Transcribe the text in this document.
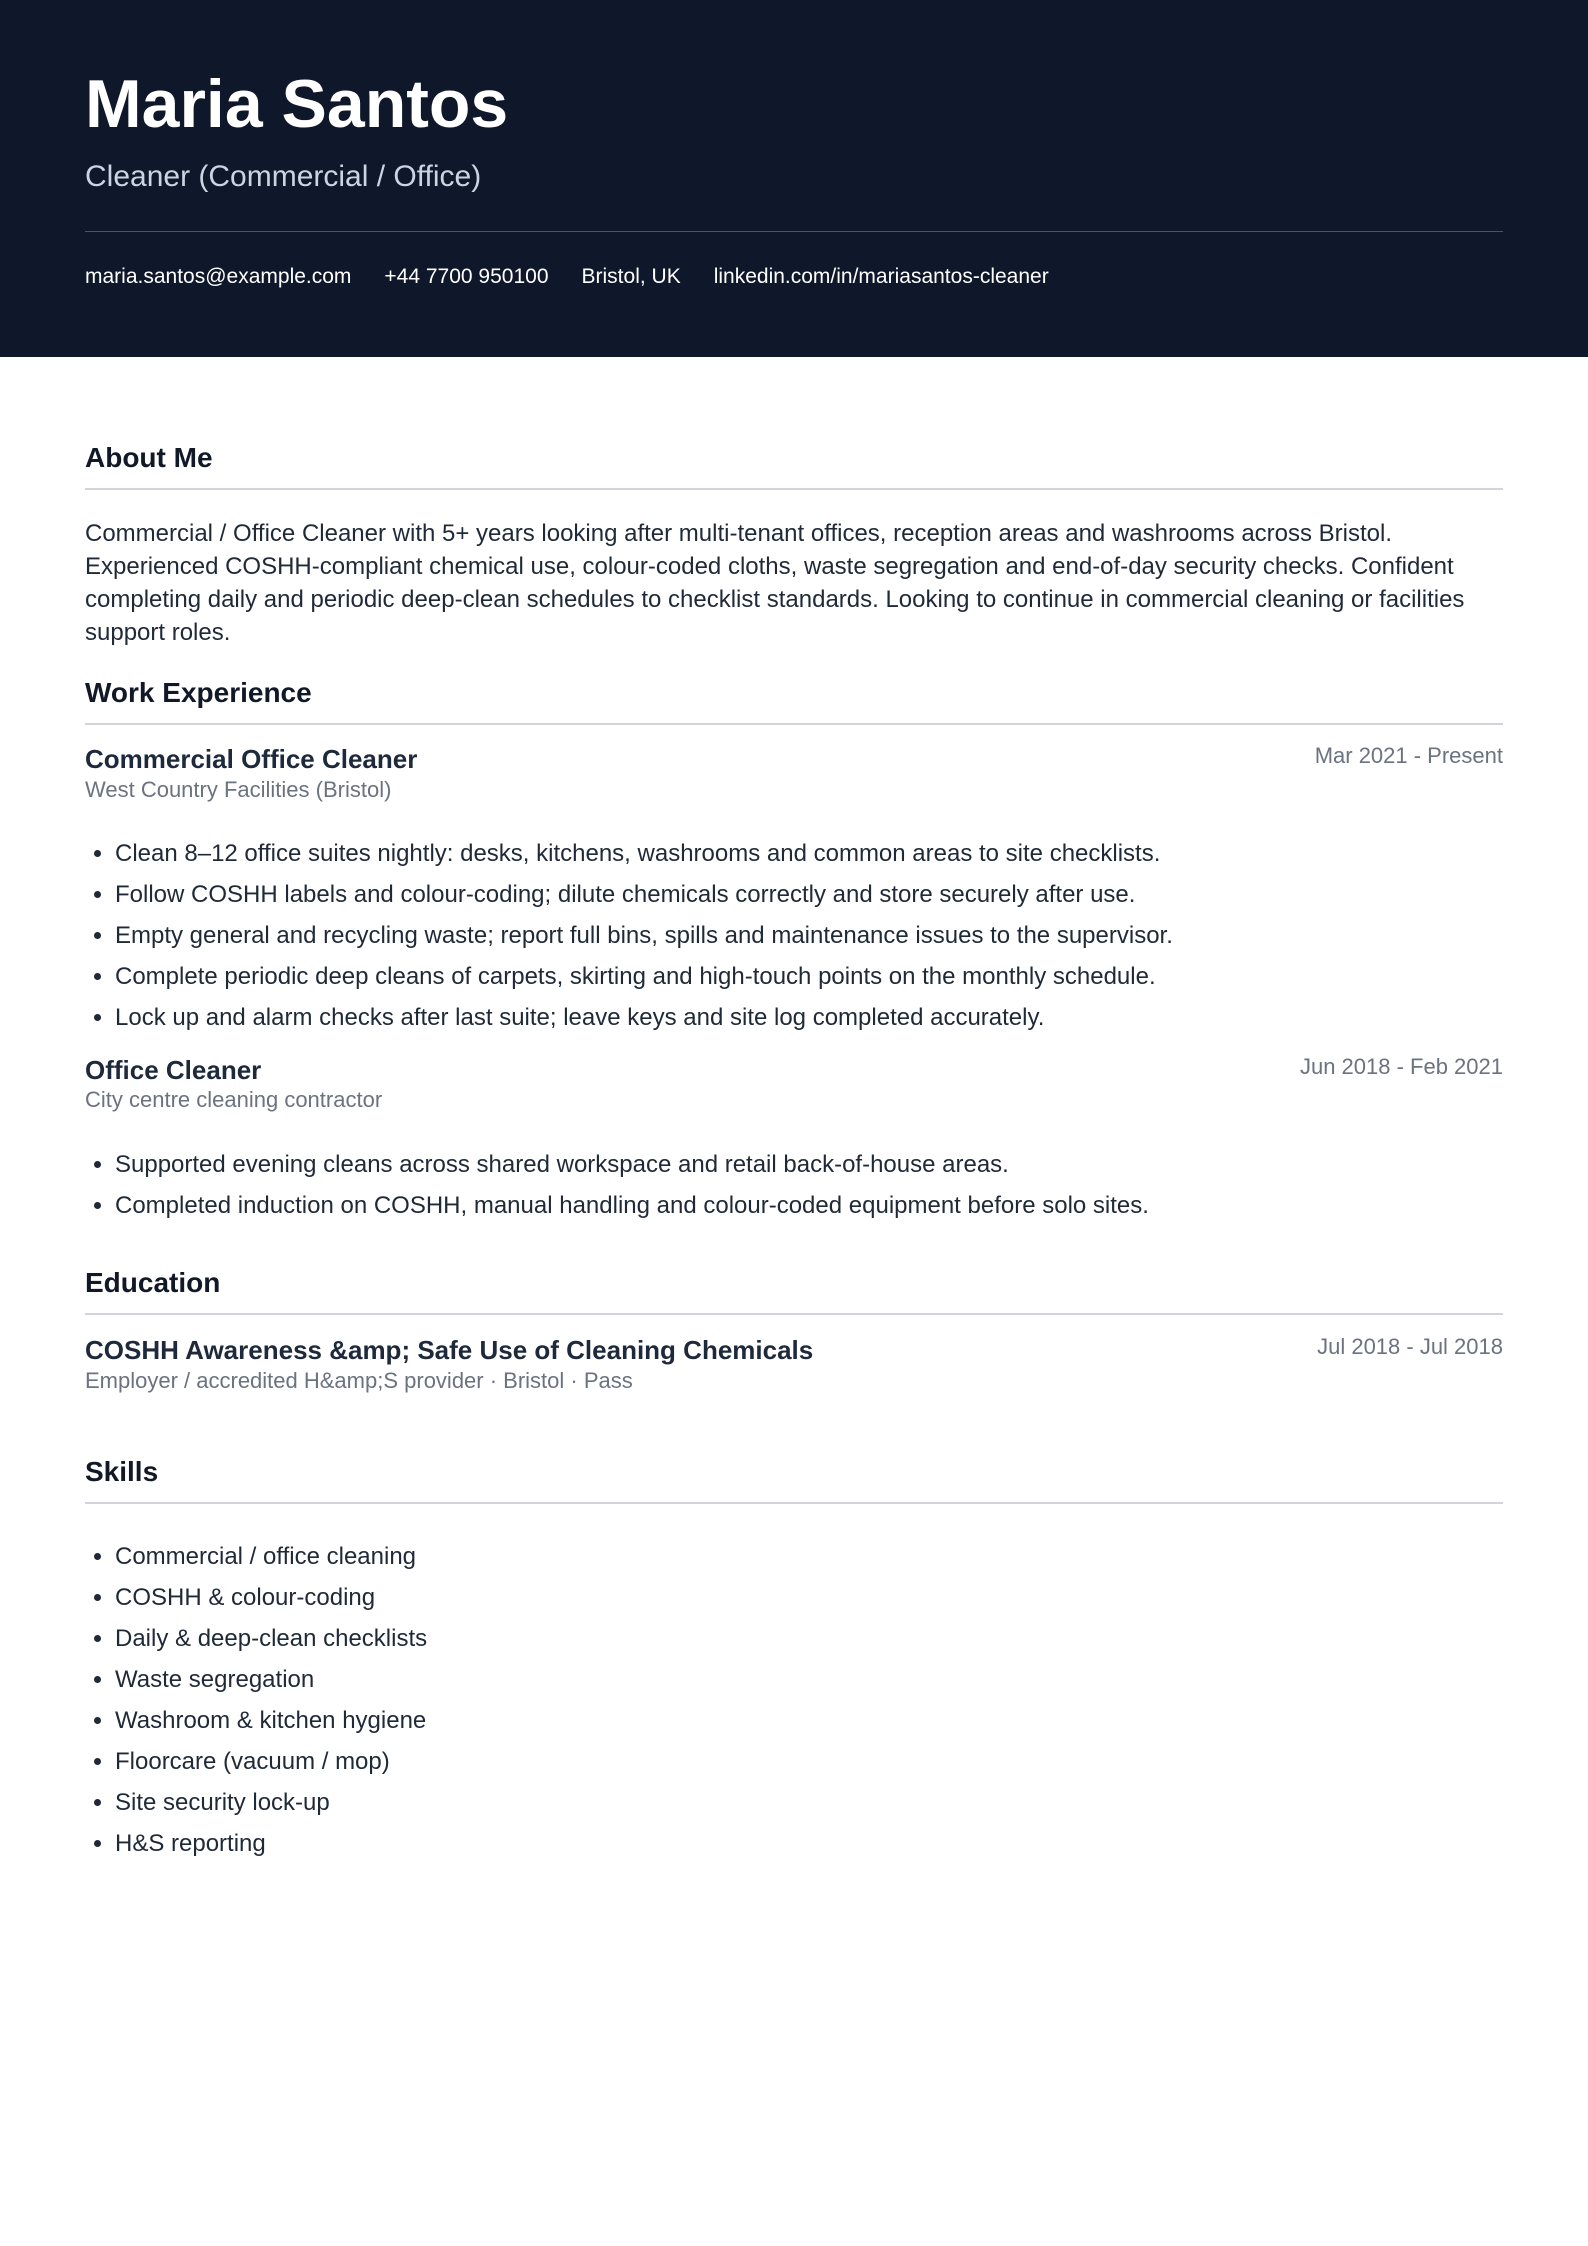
Maria Santos
Cleaner (Commercial / Office)
maria.santos@example.com +44 7700 950100 Bristol, UK linkedin.com/in/mariasantos-cleaner
About Me

Commercial / Office Cleaner with 5+ years looking after multi-tenant offices, reception areas and washrooms across Bristol. Experienced COSHH-compliant chemical use, colour-coded cloths, waste segregation and end-of-day security checks. Confident completing daily and periodic deep-clean schedules to checklist standards. Looking to continue in commercial cleaning or facilities support roles.

Work Experience
Commercial Office Cleaner	Mar 2021 - Present
West Country Facilities (Bristol)
• Clean 8–12 office suites nightly: desks, kitchens, washrooms and common areas to site checklists.
• Follow COSHH labels and colour-coding; dilute chemicals correctly and store securely after use.
• Empty general and recycling waste; report full bins, spills and maintenance issues to the supervisor.
• Complete periodic deep cleans of carpets, skirting and high-touch points on the monthly schedule.
• Lock up and alarm checks after last suite; leave keys and site log completed accurately.
Office Cleaner	Jun 2018 - Feb 2021
City centre cleaning contractor
• Supported evening cleans across shared workspace and retail back-of-house areas.
• Completed induction on COSHH, manual handling and colour-coded equipment before solo sites.
Education
COSHH Awareness &amp; Safe Use of Cleaning Chemicals	Jul 2018 - Jul 2018
Employer / accredited H&amp;S provider · Bristol · Pass
Skills
• Commercial / office cleaning
• COSHH & colour-coding
• Daily & deep-clean checklists
• Waste segregation
• Washroom & kitchen hygiene
• Floorcare (vacuum / mop)
• Site security lock-up
• H&S reporting
